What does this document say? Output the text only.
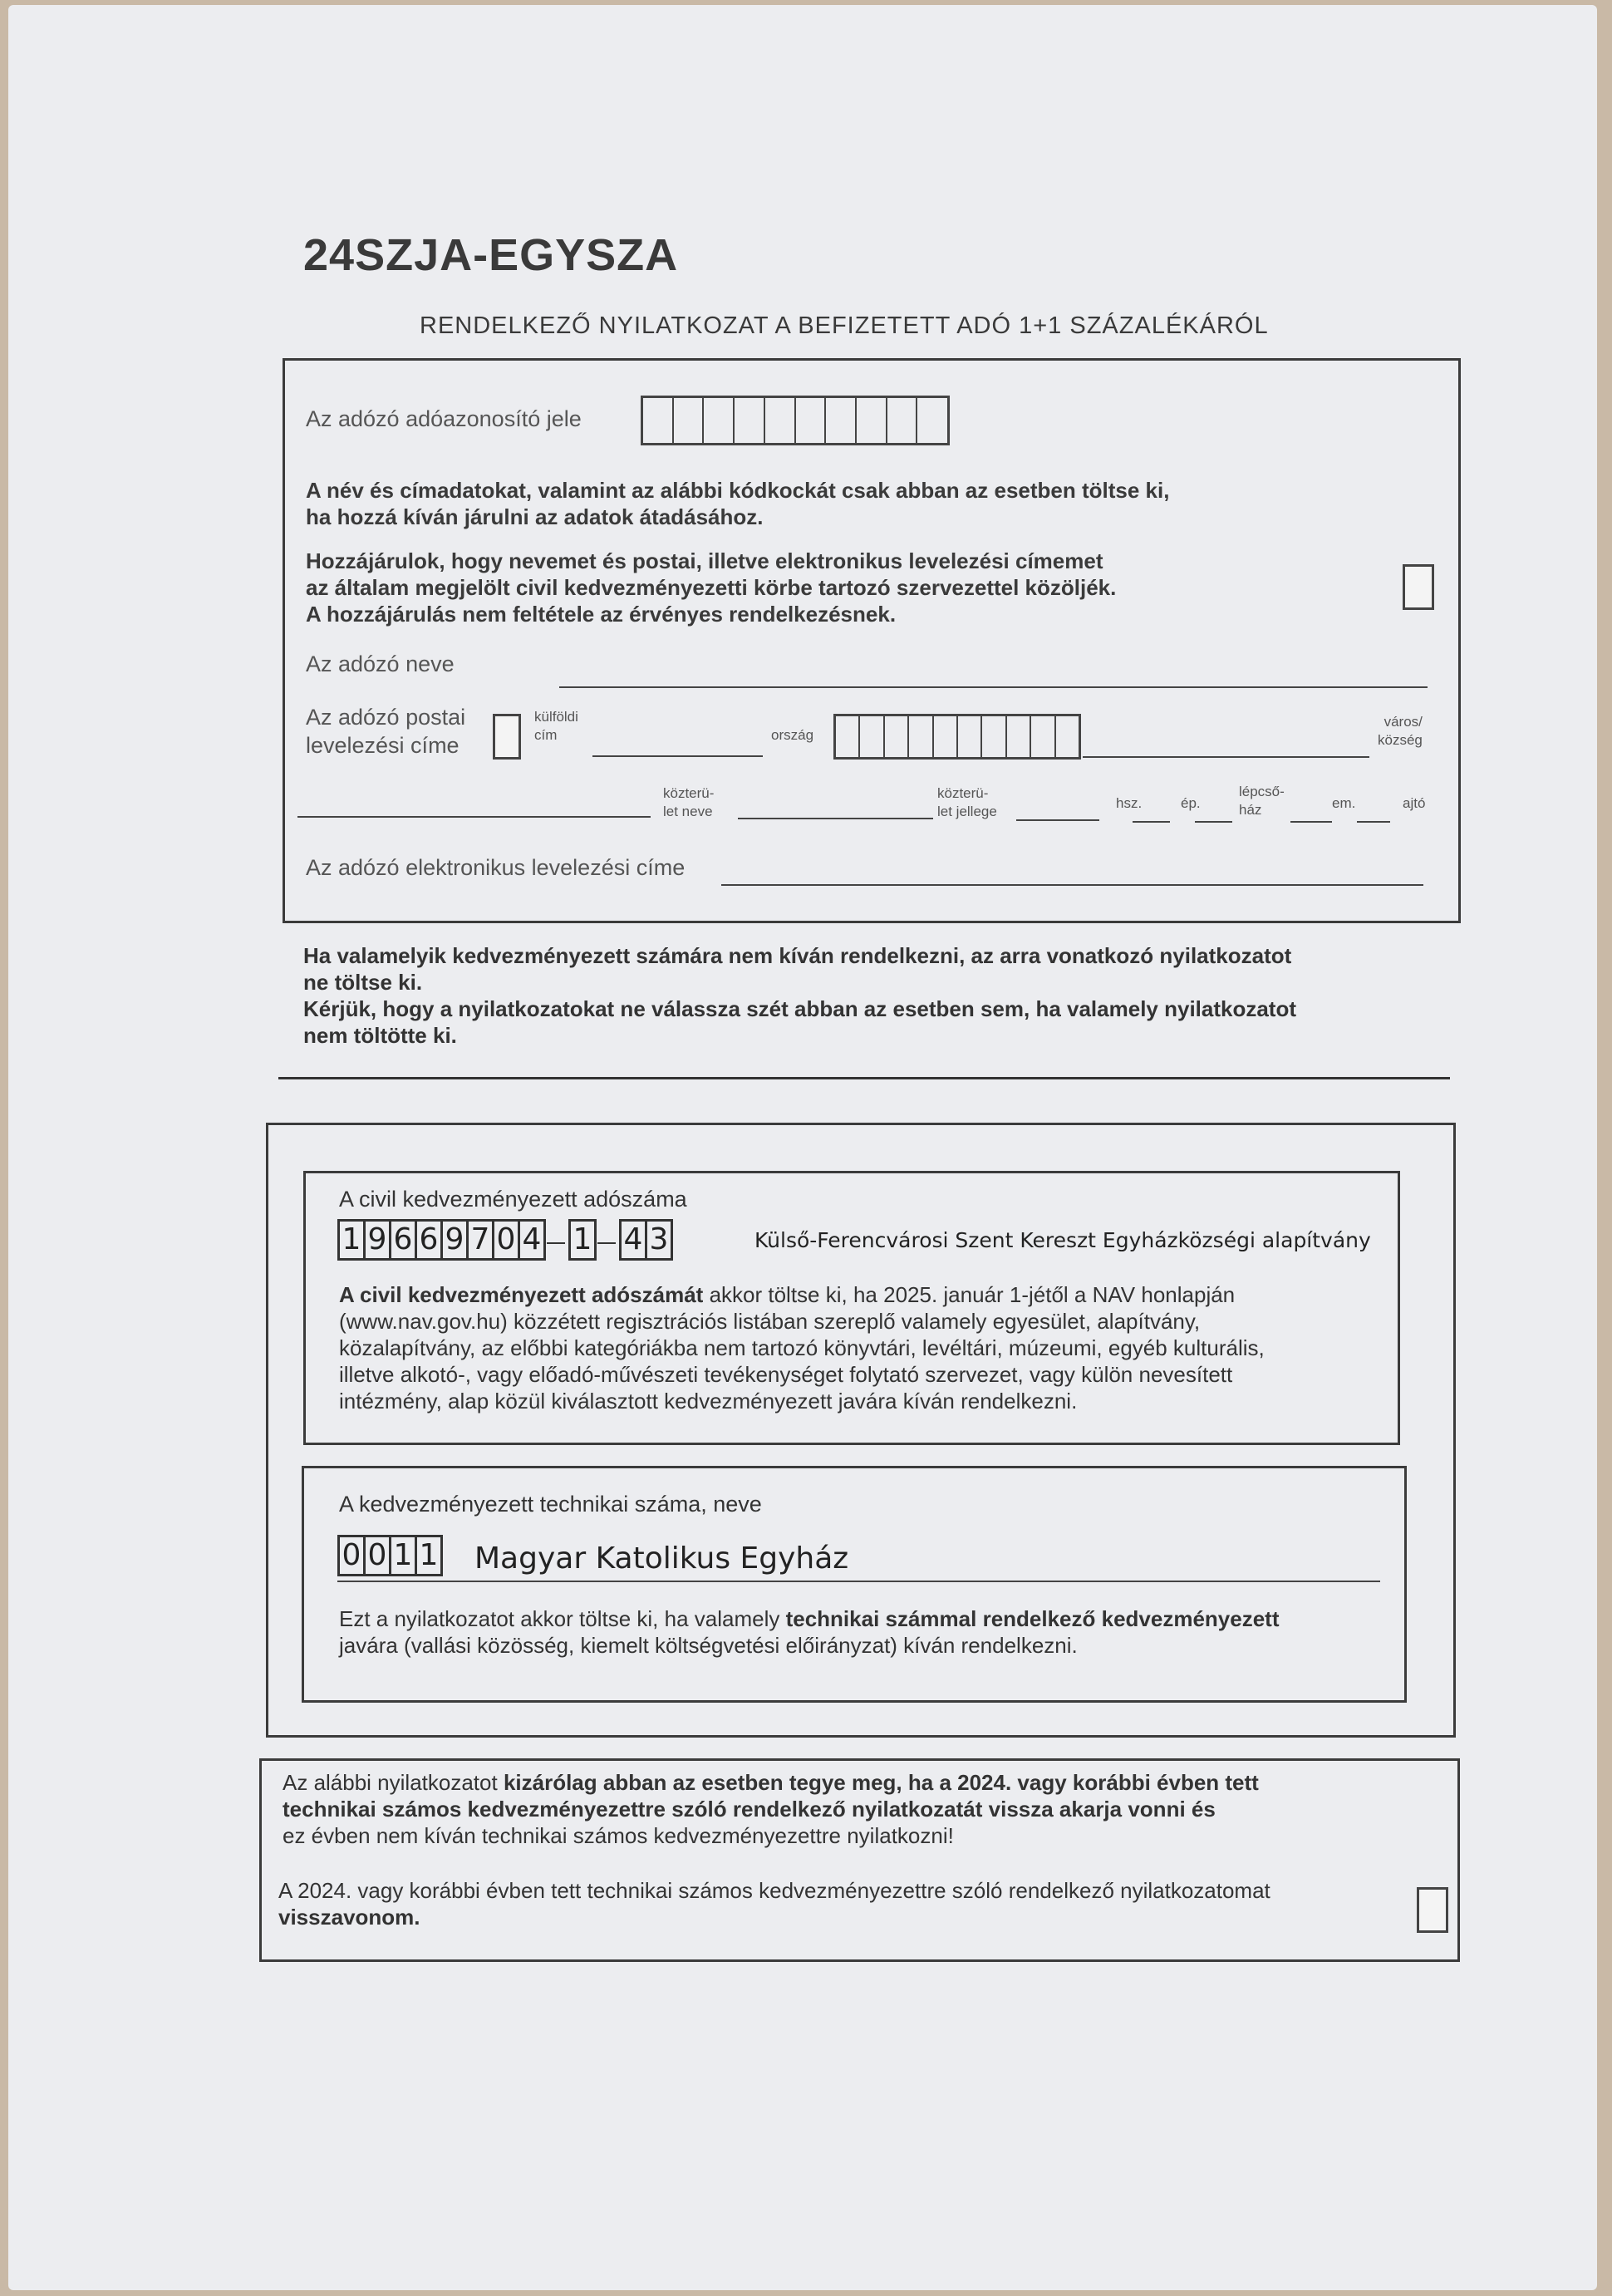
24SZJA-EGYSZA
RENDELKEZŐ NYILATKOZAT A BEFIZETETT ADÓ 1+1 SZÁZALÉKÁRÓL
Az adózó adóazonosító jele
A név és címadatokat, valamint az alábbi kódkockát csak abban az esetben töltse ki,
ha hozzá kíván járulni az adatok átadásához.
Hozzájárulok, hogy nevemet és postai, illetve elektronikus levelezési címemet
az általam megjelölt civil kedvezményezetti körbe tartozó szervezettel közöljék.
A hozzájárulás nem feltétele az érvényes rendelkezésnek.
Az adózó neve
Az adózó postai
levelezési címe
külföldi
cím	ország
város/
község
közterü-
let neve
közterü-
let jellege
hsz.	ép.
lépcső-
ház	em.	ajtó
Az adózó elektronikus levelezési címe
Ha valamelyik kedvezményezett számára nem kíván rendelkezni, az arra vonatkozó nyilatkozatot
ne töltse ki.
Kérjük, hogy a nyilatkozatokat ne válassza szét abban az esetben sem, ha valamely nyilatkozatot
nem töltötte ki.
A civil kedvezményezett adószáma
1 9 6 6 9 7 0 4 1 4 3	Külső-Ferencvárosi Szent Kereszt Egyházközségi alapítvány
A civil kedvezményezett adószámát akkor töltse ki, ha 2025. január 1-jétől a NAV honlapján
(www.nav.gov.hu) közzétett regisztrációs listában szereplő valamely egyesület, alapítvány,
közalapítvány, az előbbi kategóriákba nem tartozó könyvtári, levéltári, múzeumi, egyéb kulturális,
illetve alkotó-, vagy előadó-művészeti tevékenységet folytató szervezet, vagy külön nevesített
intézmény, alap közül kiválasztott kedvezményezett javára kíván rendelkezni.
A kedvezményezett technikai száma, neve
0 0 1 1 Magyar Katolikus Egyház
Ezt a nyilatkozatot akkor töltse ki, ha valamely technikai számmal rendelkező kedvezményezett
javára (vallási közösség, kiemelt költségvetési előirányzat) kíván rendelkezni.
Az alábbi nyilatkozatot kizárólag abban az esetben tegye meg, ha a 2024. vagy korábbi évben tett
technikai számos kedvezményezettre szóló rendelkező nyilatkozatát vissza akarja vonni és
ez évben nem kíván technikai számos kedvezményezettre nyilatkozni!
A 2024. vagy korábbi évben tett technikai számos kedvezményezettre szóló rendelkező nyilatkozatomat
visszavonom.
